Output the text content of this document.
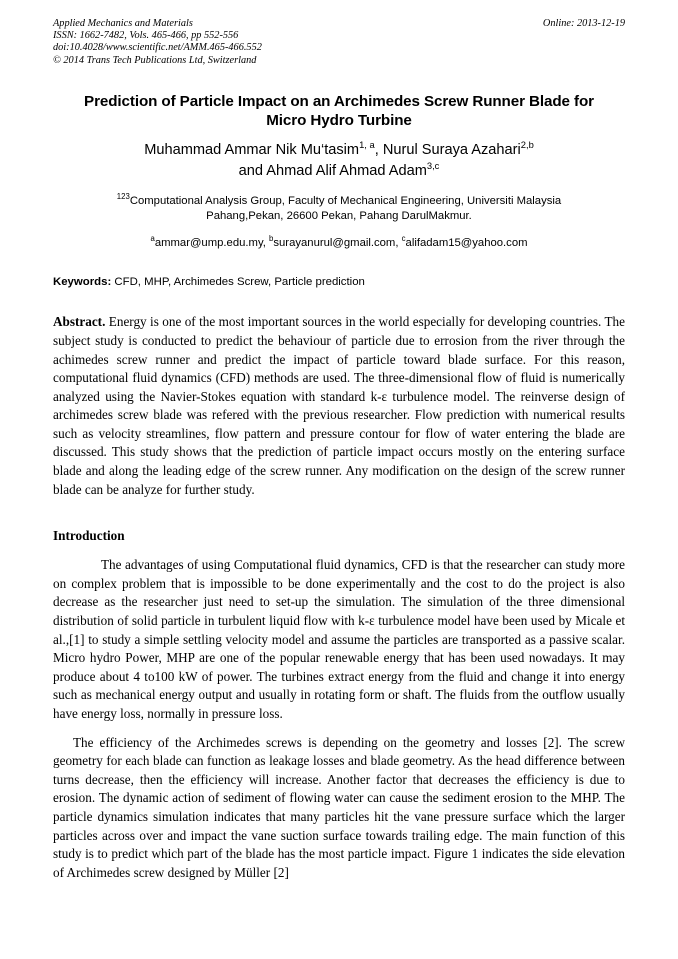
Applied Mechanics and Materials
ISSN: 1662-7482, Vols. 465-466, pp 552-556
doi:10.4028/www.scientific.net/AMM.465-466.552
© 2014 Trans Tech Publications Ltd, Switzerland
Online: 2013-12-19
Prediction of Particle Impact on an Archimedes Screw Runner Blade for
Micro Hydro Turbine
Muhammad Ammar Nik Mu‘tasim$^{1, a}$, Nurul Suraya Azahari$^{2,b}$
and Ahmad Alif Ahmad Adam$^{3,c}$
$^{123}$Computational Analysis Group, Faculty of Mechanical Engineering, Universiti Malaysia Pahang,Pekan, 26600 Pekan, Pahang DarulMakmur.
$^a$ammar@ump.edu.my, $^b$surayanurul@gmail.com, $^c$alifadam15@yahoo.com
Keywords: CFD, MHP, Archimedes Screw, Particle prediction
Abstract. Energy is one of the most important sources in the world especially for developing countries. The subject study is conducted to predict the behaviour of particle due to errosion from the river through the achimedes screw runner and predict the impact of particle toward blade surface. For this reason, computational fluid dynamics (CFD) methods are used. The three-dimensional flow of fluid is numerically analyzed using the Navier-Stokes equation with standard k-ε turbulence model. The reinverse design of archimedes screw blade was refered with the previous researcher. Flow prediction with numerical results such as velocity streamlines, flow pattern and pressure contour for flow of water entering the blade are discussed. This study shows that the prediction of particle impact occurs mostly on the entering surface blade and along the leading edge of the screw runner. Any modification on the design of the screw runner blade can be analyze for further study.
Introduction
The advantages of using Computational fluid dynamics, CFD is that the researcher can study more on complex problem that is impossible to be done experimentally and the cost to do the project is also decrease as the researcher just need to set-up the simulation. The simulation of the three dimensional distribution of solid particle in turbulent liquid flow with k-ε turbulence model have been used by Micale et al.,[1] to study a simple settling velocity model and assume the particles are transported as a passive scalar. Micro hydro Power, MHP are one of the popular renewable energy that has been used nowadays. It may produce about 4 to100 kW of power. The turbines extract energy from the fluid and change it into energy such as mechanical energy output and usually in rotating form or shaft. The fluids from the outflow usually have energy loss, normally in pressure loss.
The efficiency of the Archimedes screws is depending on the geometry and losses [2]. The screw geometry for each blade can function as leakage losses and blade geometry. As the head difference between turns decrease, then the efficiency will increase. Another factor that decreases the efficiency is due to erosion. The dynamic action of sediment of flowing water can cause the sediment erosion to the MHP. The particle dynamics simulation indicates that many particles hit the vane pressure surface which the larger particles across over and impact the vane suction surface towards trailing edge. The main function of this study is to predict which part of the blade has the most particle impact. Figure 1 indicates the side elevation of Archimedes screw designed by Müller [2]
